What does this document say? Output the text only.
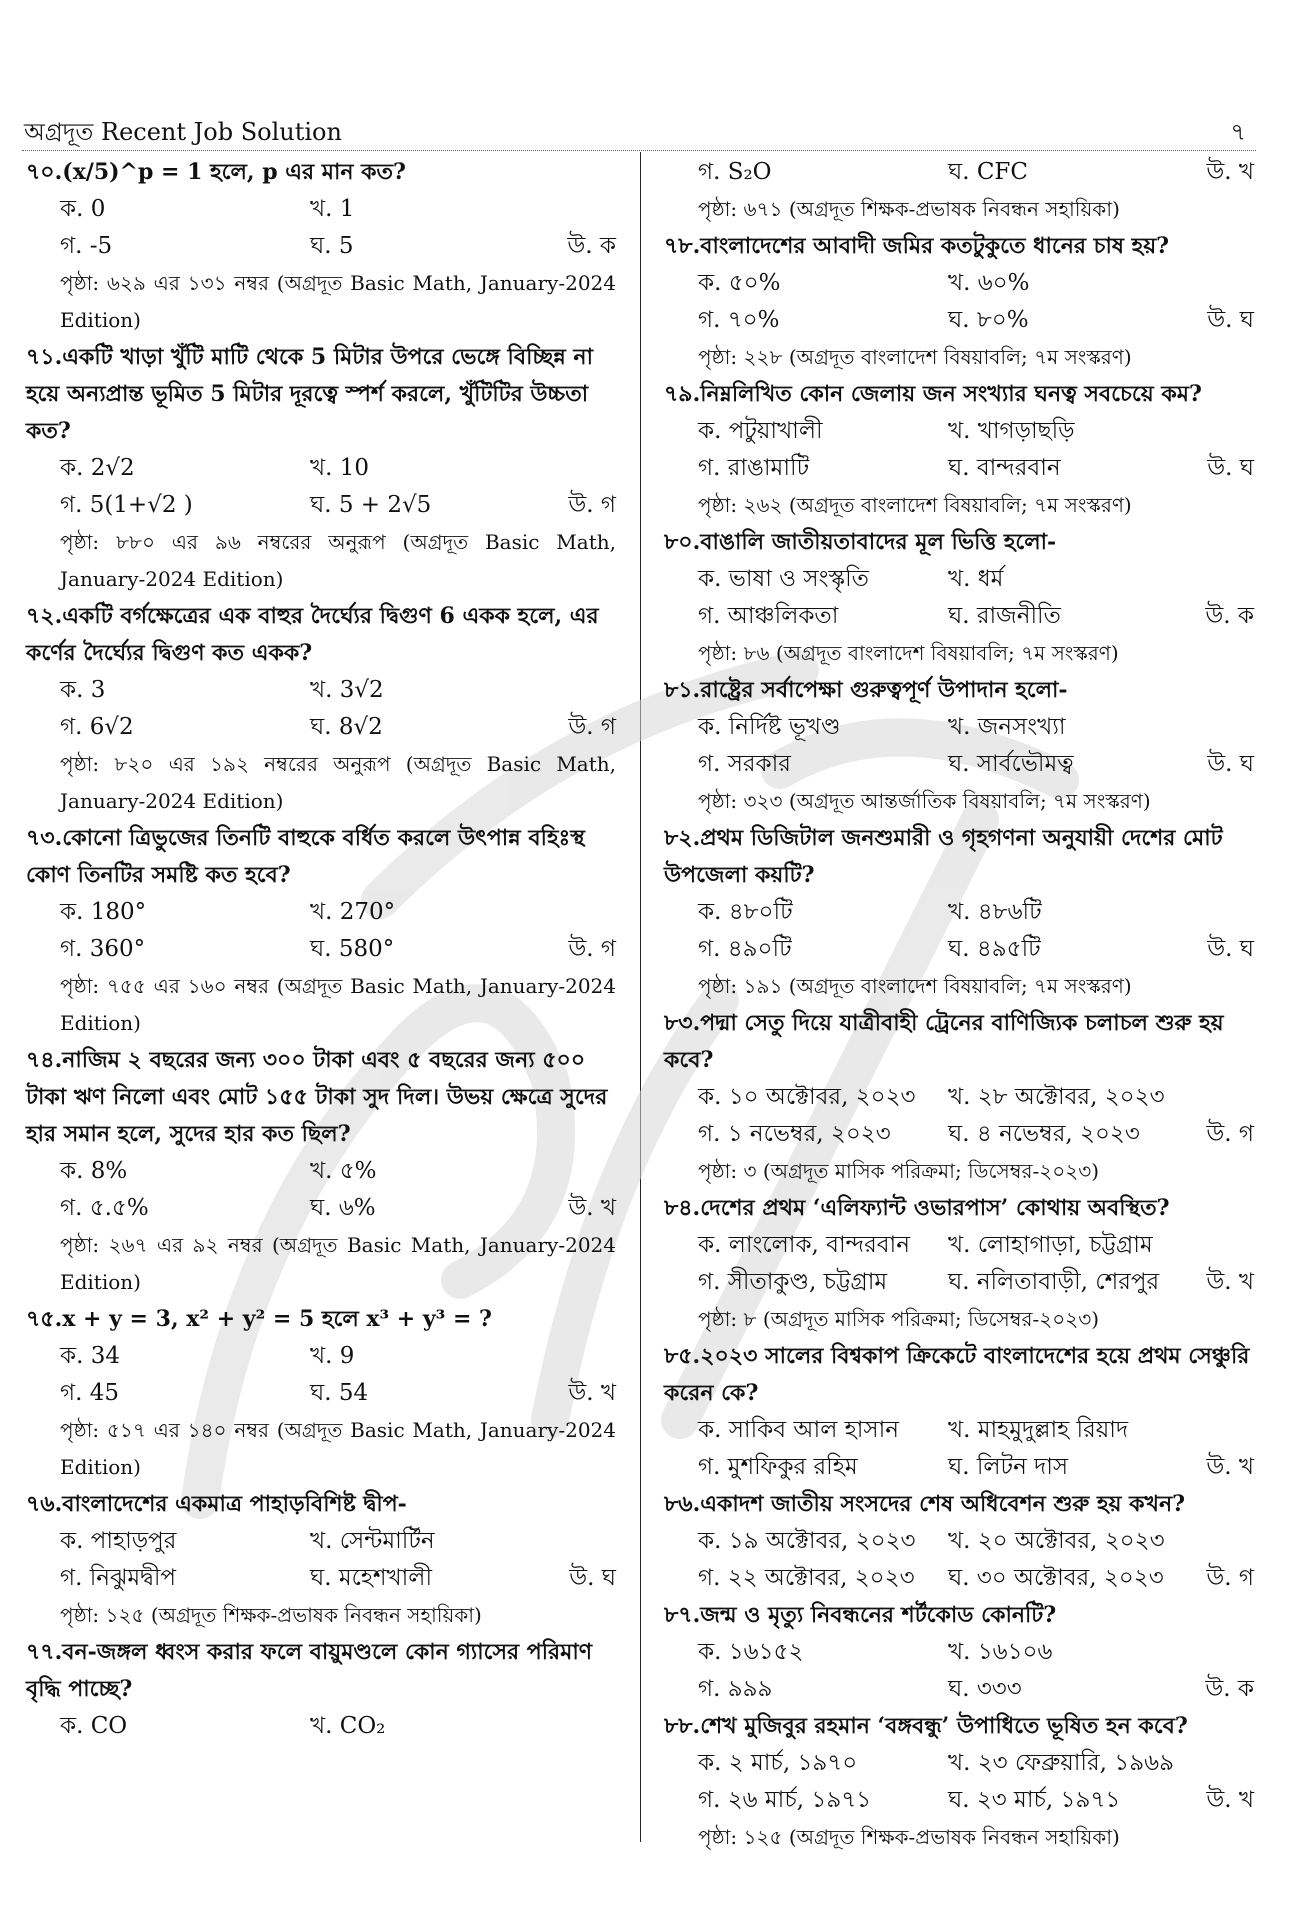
অগ্রদূত Recent Job Solution	৭
৭০.(x/5)^p = 1 হলে, p এর মান কত?
ক. 0	খ. 1
গ. -5	ঘ. 5	উ. ক
পৃষ্ঠা: ৬২৯ এর ১৩১ নম্বর (অগ্রদূত Basic Math, January-2024 Edition)
৭১.একটি খাড়া খুঁটি মাটি থেকে 5 মিটার উপরে ভেঙ্গে বিচ্ছিন্ন না হয়ে অন্যপ্রান্ত ভূমিত 5 মিটার দূরত্বে স্পর্শ করলে, খুঁটিটির উচ্চতা কত?
ক. 2√2	খ. 10
গ. 5(1+√2 )	ঘ. 5 + 2√5	উ. গ
পৃষ্ঠা: ৮৮০ এর ৯৬ নম্বরের অনুরূপ (অগ্রদূত Basic Math, January-2024 Edition)
৭২.একটি বর্গক্ষেত্রের এক বাহুর দৈর্ঘ্যের দ্বিগুণ 6 একক হলে, এর কর্ণের দৈর্ঘ্যের দ্বিগুণ কত একক?
ক. 3	খ. 3√2
গ. 6√2	ঘ. 8√2	উ. গ
পৃষ্ঠা: ৮২০ এর ১৯২ নম্বরের অনুরূপ (অগ্রদূত Basic Math, January-2024 Edition)
৭৩.কোনো ত্রিভুজের তিনটি বাহুকে বর্ধিত করলে উৎপান্ন বহিঃস্থ কোণ তিনটির সমষ্টি কত হবে?
ক. 180°	খ. 270°
গ. 360°	ঘ. 580°	উ. গ
পৃষ্ঠা: ৭৫৫ এর ১৬০ নম্বর (অগ্রদূত Basic Math, January-2024 Edition)
৭৪.নাজিম ২ বছরের জন্য ৩০০ টাকা এবং ৫ বছরের জন্য ৫০০ টাকা ঋণ নিলো এবং মোট ১৫৫ টাকা সুদ দিল। উভয় ক্ষেত্রে সুদের হার সমান হলে, সুদের হার কত ছিল?
ক. 8%	খ. ৫%
গ. ৫.৫%	ঘ. ৬%	উ. খ
পৃষ্ঠা: ২৬৭ এর ৯২ নম্বর (অগ্রদূত Basic Math, January-2024 Edition)
৭৫.x + y = 3, x² + y² = 5 হলে x³ + y³ = ?
ক. 34	খ. 9
গ. 45	ঘ. 54	উ. খ
পৃষ্ঠা: ৫১৭ এর ১৪০ নম্বর (অগ্রদূত Basic Math, January-2024 Edition)
৭৬.বাংলাদেশের একমাত্র পাহাড়বিশিষ্ট দ্বীপ-
ক. পাহাড়পুর	খ. সেন্টমার্টিন
গ. নিঝুমদ্বীপ	ঘ. মহেশখালী	উ. ঘ
পৃষ্ঠা: ১২৫ (অগ্রদূত শিক্ষক-প্রভাষক নিবন্ধন সহায়িকা)
৭৭.বন-জঙ্গল ধ্বংস করার ফলে বায়ুমণ্ডলে কোন গ্যাসের পরিমাণ বৃদ্ধি পাচ্ছে?
ক. CO	খ. CO₂
গ. S₂O	ঘ. CFC	উ. খ
পৃষ্ঠা: ৬৭১ (অগ্রদূত শিক্ষক-প্রভাষক নিবন্ধন সহায়িকা)
৭৮.বাংলাদেশের আবাদী জমির কতটুকুতে ধানের চাষ হয়?
ক. ৫০%	খ. ৬০%
গ. ৭০%	ঘ. ৮০%	উ. ঘ
পৃষ্ঠা: ২২৮ (অগ্রদূত বাংলাদেশ বিষয়াবলি; ৭ম সংস্করণ)
৭৯.নিম্নলিখিত কোন জেলায় জন সংখ্যার ঘনত্ব সবচেয়ে কম?
ক. পটুয়াখালী	খ. খাগড়াছড়ি
গ. রাঙামাটি	ঘ. বান্দরবান	উ. ঘ
পৃষ্ঠা: ২৬২ (অগ্রদূত বাংলাদেশ বিষয়াবলি; ৭ম সংস্করণ)
৮০.বাঙালি জাতীয়তাবাদের মূল ভিত্তি হলো-
ক. ভাষা ও সংস্কৃতি	খ. ধর্ম
গ. আঞ্চলিকতা	ঘ. রাজনীতি	উ. ক
পৃষ্ঠা: ৮৬ (অগ্রদূত বাংলাদেশ বিষয়াবলি; ৭ম সংস্করণ)
৮১.রাষ্ট্রের সর্বাপেক্ষা গুরুত্বপূর্ণ উপাদান হলো-
ক. নির্দিষ্ট ভূখণ্ড	খ. জনসংখ্যা
গ. সরকার	ঘ. সার্বভৌমত্ব	উ. ঘ
পৃষ্ঠা: ৩২৩ (অগ্রদূত আন্তর্জাতিক বিষয়াবলি; ৭ম সংস্করণ)
৮২.প্রথম ডিজিটাল জনশুমারী ও গৃহগণনা অনুযায়ী দেশের মোট উপজেলা কয়টি?
ক. ৪৮০টি	খ. ৪৮৬টি
গ. ৪৯০টি	ঘ. ৪৯৫টি	উ. ঘ
পৃষ্ঠা: ১৯১ (অগ্রদূত বাংলাদেশ বিষয়াবলি; ৭ম সংস্করণ)
৮৩.পদ্মা সেতু দিয়ে যাত্রীবাহী ট্রেনের বাণিজ্যিক চলাচল শুরু হয় কবে?
ক. ১০ অক্টোবর, ২০২৩	খ. ২৮ অক্টোবর, ২০২৩
গ. ১ নভেম্বর, ২০২৩	ঘ. ৪ নভেম্বর, ২০২৩	উ. গ
পৃষ্ঠা: ৩ (অগ্রদূত মাসিক পরিক্রমা; ডিসেম্বর-২০২৩)
৮৪.দেশের প্রথম ‘এলিফ্যান্ট ওভারপাস’ কোথায় অবস্থিত?
ক. লাংলোক, বান্দরবান	খ. লোহাগাড়া, চট্টগ্রাম
গ. সীতাকুণ্ড, চট্টগ্রাম	ঘ. নলিতাবাড়ী, শেরপুর	উ. খ
পৃষ্ঠা: ৮ (অগ্রদূত মাসিক পরিক্রমা; ডিসেম্বর-২০২৩)
৮৫.২০২৩ সালের বিশ্বকাপ ক্রিকেটে বাংলাদেশের হয়ে প্রথম সেঞ্চুরি করেন কে?
ক. সাকিব আল হাসান	খ. মাহমুদুল্লাহ রিয়াদ
গ. মুশফিকুর রহিম	ঘ. লিটন দাস	উ. খ
৮৬.একাদশ জাতীয় সংসদের শেষ অধিবেশন শুরু হয় কখন?
ক. ১৯ অক্টোবর, ২০২৩	খ. ২০ অক্টোবর, ২০২৩
গ. ২২ অক্টোবর, ২০২৩	ঘ. ৩০ অক্টোবর, ২০২৩	উ. গ
৮৭.জন্ম ও মৃত্যু নিবন্ধনের শর্টকোড কোনটি?
ক. ১৬১৫২	খ. ১৬১০৬
গ. ৯৯৯	ঘ. ৩৩৩	উ. ক
৮৮.শেখ মুজিবুর রহমান ‘বঙ্গবন্ধু’ উপাধিতে ভূষিত হন কবে?
ক. ২ মার্চ, ১৯৭০	খ. ২৩ ফেব্রুয়ারি, ১৯৬৯
গ. ২৬ মার্চ, ১৯৭১	ঘ. ২৩ মার্চ, ১৯৭১	উ. খ
পৃষ্ঠা: ১২৫ (অগ্রদূত শিক্ষক-প্রভাষক নিবন্ধন সহায়িকা)
